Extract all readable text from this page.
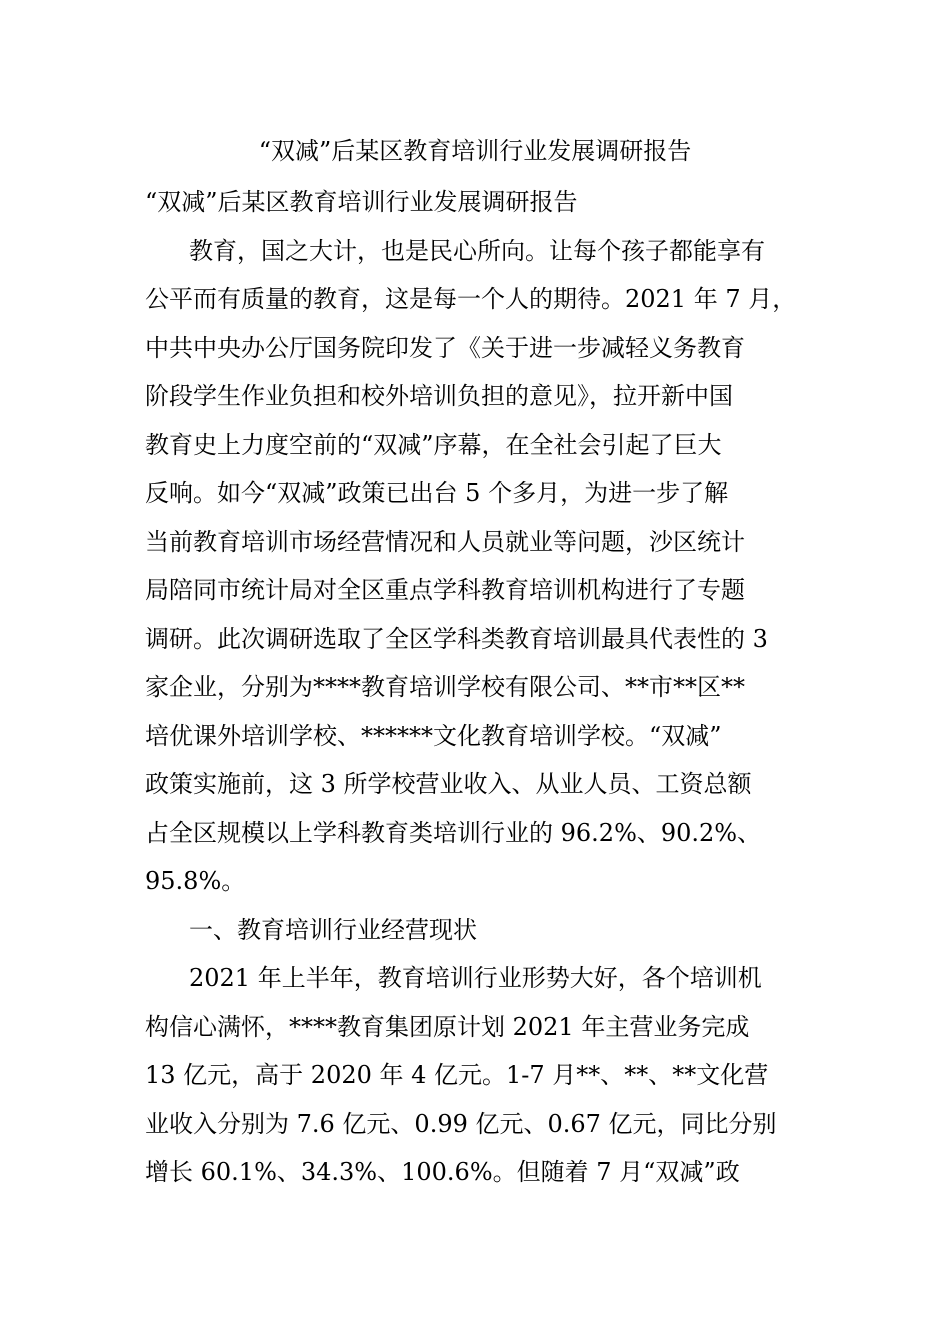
“双减”后某区教育培训行业发展调研报告
“双减”后某区教育培训行业发展调研报告
教育，国之大计，也是民心所向。让每个孩子都能享有
公平而有质量的教育，这是每一个人的期待。2021 年 7 月，
中共中央办公厅国务院印发了《关于进一步减轻义务教育
阶段学生作业负担和校外培训负担的意见》，拉开新中国
教育史上力度空前的“双减”序幕，在全社会引起了巨大
反响。如今“双减”政策已出台 5 个多月，为进一步了解
当前教育培训市场经营情况和人员就业等问题，沙区统计
局陪同市统计局对全区重点学科教育培训机构进行了专题
调研。此次调研选取了全区学科类教育培训最具代表性的 3
家企业，分别为****教育培训学校有限公司、**市**区**
培优课外培训学校、******文化教育培训学校。“双减”
政策实施前，这 3 所学校营业收入、从业人员、工资总额
占全区规模以上学科教育类培训行业的 96.2%、90.2%、
95.8%。
一、教育培训行业经营现状
2021 年上半年，教育培训行业形势大好，各个培训机
构信心满怀，****教育集团原计划 2021 年主营业务完成
13 亿元，高于 2020 年 4 亿元。1-7 月**、**、**文化营
业收入分别为 7.6 亿元、0.99 亿元、0.67 亿元，同比分别
增长 60.1%、34.3%、100.6%。但随着 7 月“双减”政
